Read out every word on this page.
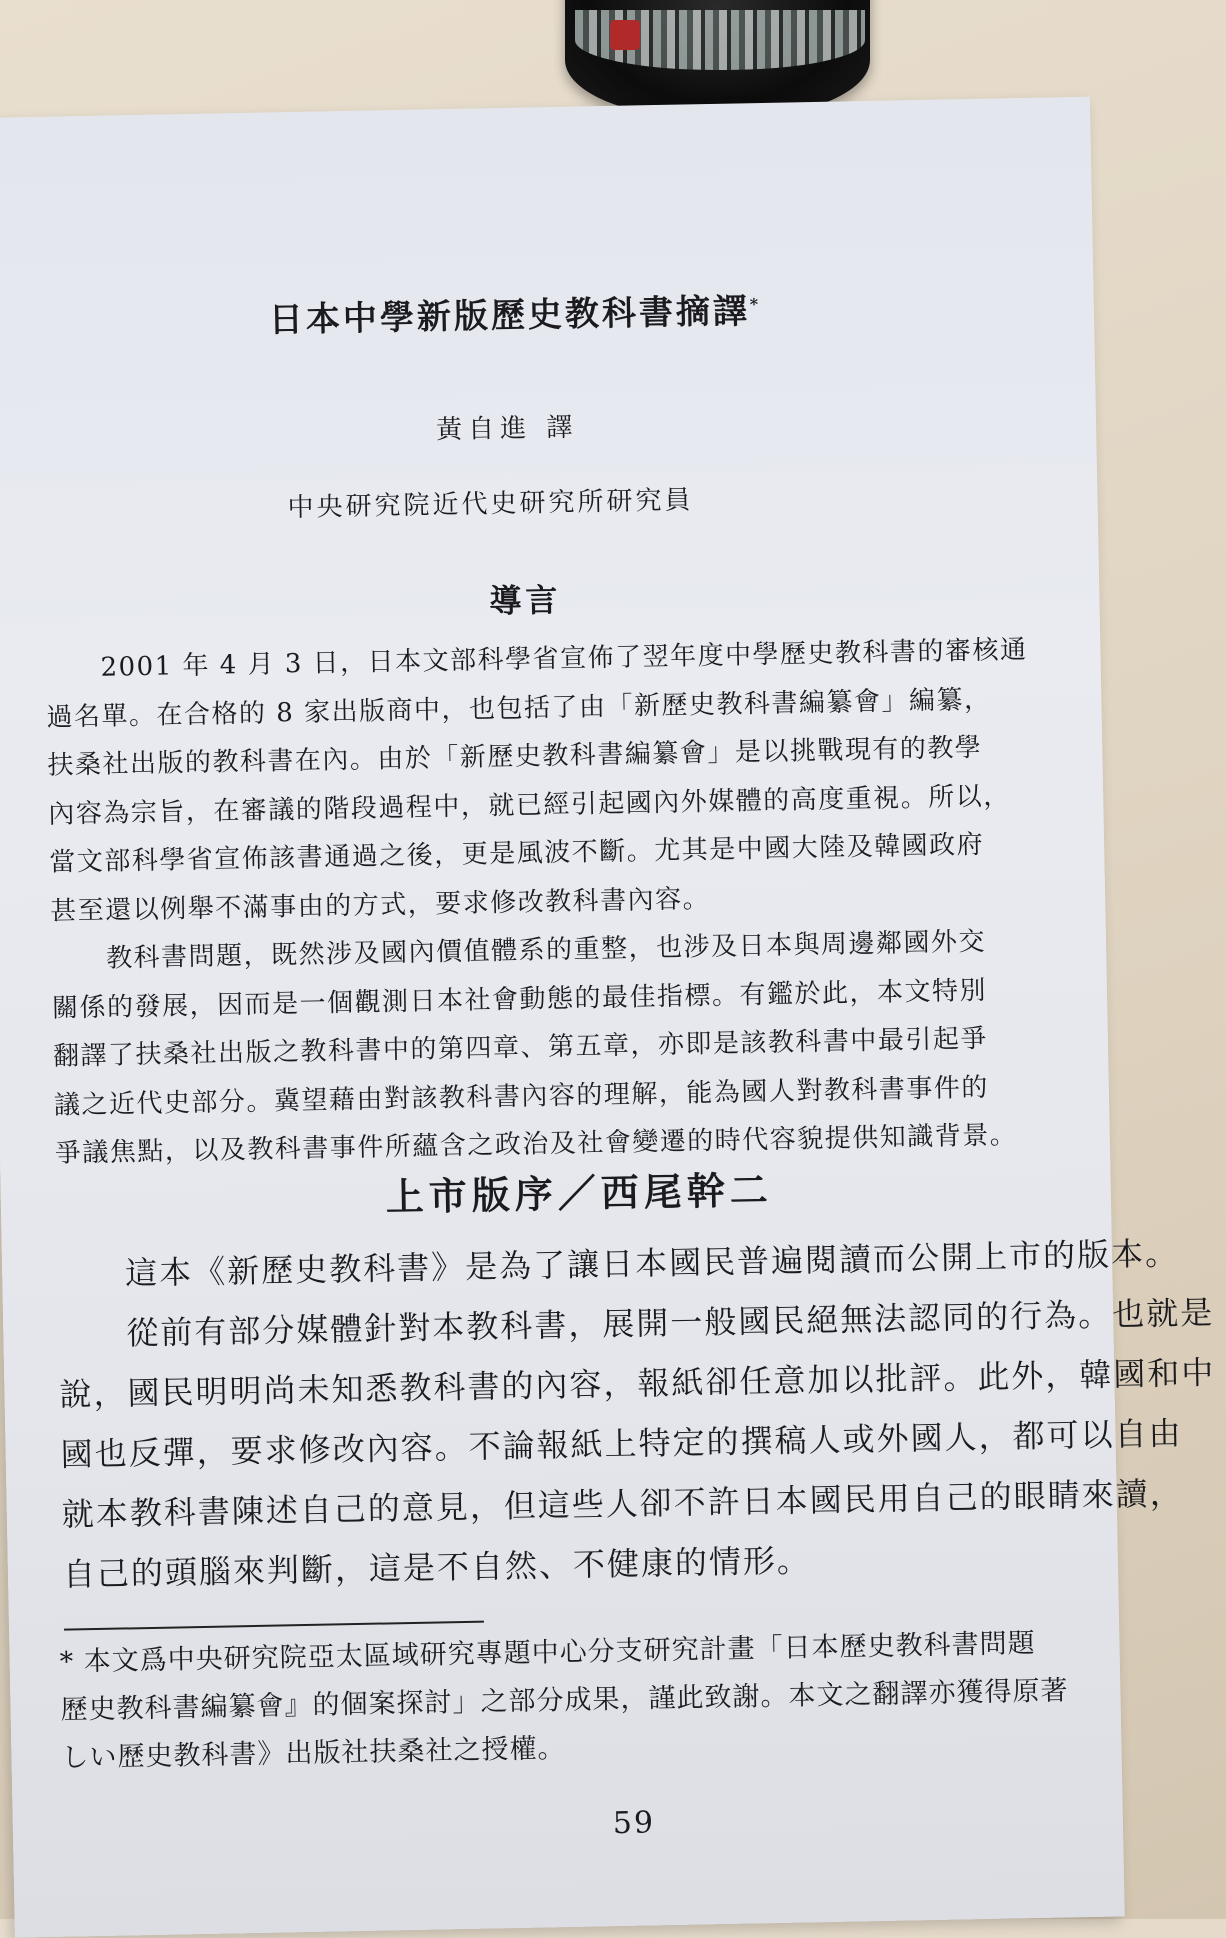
日本中學新版歷史教科書摘譯*
黃自進 譯
中央研究院近代史研究所研究員
導言

　　2001 年 4 月 3 日，日本文部科學省宣佈了翌年度中學歷史教科書的審核通

過名單。在合格的 8 家出版商中，也包括了由「新歷史教科書編纂會」編纂，

扶桑社出版的教科書在內。由於「新歷史教科書編纂會」是以挑戰現有的教學

內容為宗旨，在審議的階段過程中，就已經引起國內外媒體的高度重視。所以，

當文部科學省宣佈該書通過之後，更是風波不斷。尤其是中國大陸及韓國政府

甚至還以例舉不滿事由的方式，要求修改教科書內容。

　　教科書問題，既然涉及國內價值體系的重整，也涉及日本與周邊鄰國外交

關係的發展，因而是一個觀測日本社會動態的最佳指標。有鑑於此，本文特別

翻譯了扶桑社出版之教科書中的第四章、第五章，亦即是該教科書中最引起爭

議之近代史部分。冀望藉由對該教科書內容的理解，能為國人對教科書事件的

爭議焦點，以及教科書事件所蘊含之政治及社會變遷的時代容貌提供知識背景。

上市版序／西尾幹二

　　這本《新歷史教科書》是為了讓日本國民普遍閱讀而公開上市的版本。

　　從前有部分媒體針對本教科書，展開一般國民絕無法認同的行為。也就是

說，國民明明尚未知悉教科書的內容，報紙卻任意加以批評。此外，韓國和中

國也反彈，要求修改內容。不論報紙上特定的撰稿人或外國人，都可以自由

就本教科書陳述自己的意見，但這些人卻不許日本國民用自己的眼睛來讀，

自己的頭腦來判斷，這是不自然、不健康的情形。

* 本文爲中央研究院亞太區域研究專題中心分支研究計畫「日本歷史教科書問題

歷史教科書編纂會』的個案探討」之部分成果，謹此致謝。本文之翻譯亦獲得原著

しい歷史教科書》出版社扶桑社之授權。

59
